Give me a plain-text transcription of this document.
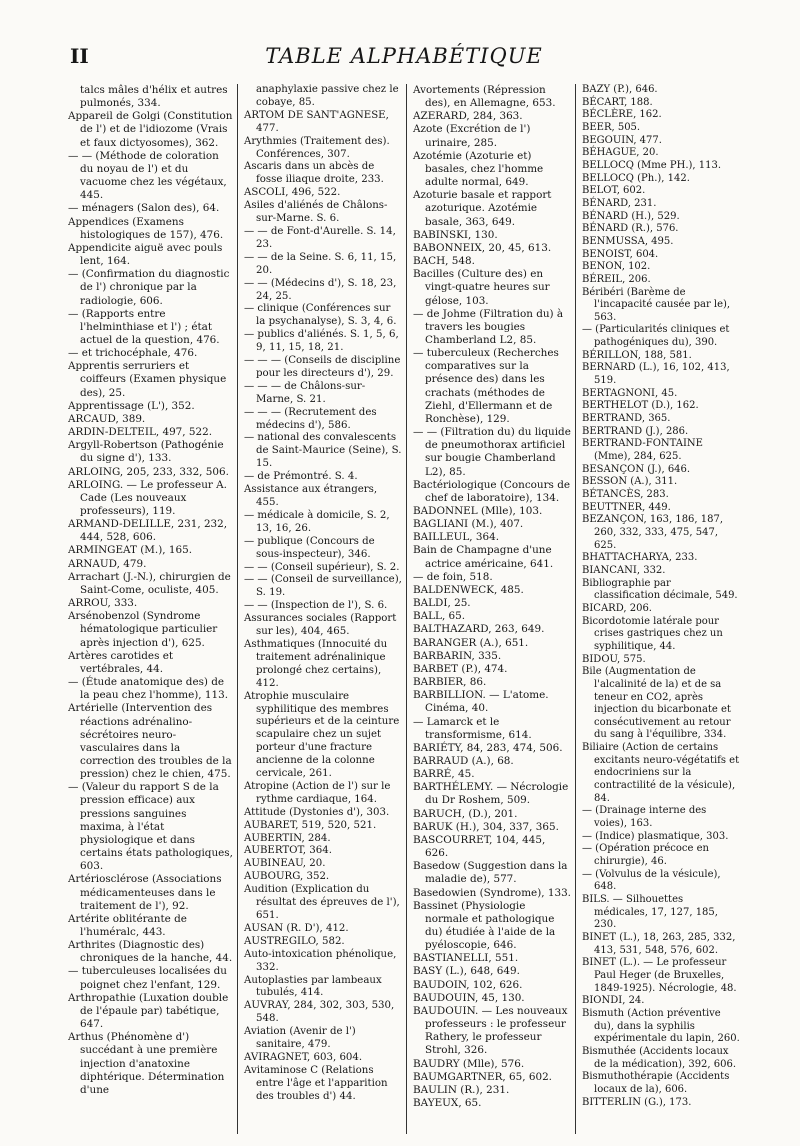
II	TABLE ALPHABÉTIQUE

talcs mâles d'hélix et autres pulmonés, 334.

Appareil de Golgi (Constitution de l') et de l'idiozome (Vrais et faux dictyosomes), 362.

— — (Méthode de coloration du noyau de l') et du vacuome chez les végétaux, 445.

— ménagers (Salon des), 64.

Appendices (Examens histologiques de 157), 476.

Appendicite aiguë avec pouls lent, 164.

— (Confirmation du diagnostic de l') chronique par la radiologie, 606.

— (Rapports entre l'helminthiase et l') ; état actuel de la question, 476.

— et trichocéphale, 476.

Apprentis serruriers et coiffeurs (Examen physique des), 25.

Apprentissage (L'), 352.

ARCAUD, 389.

ARDIN-DELTEIL, 497, 522.

Argyll-Robertson (Pathogénie du signe d'), 133.

ARLOING, 205, 233, 332, 506.

ARLOING. — Le professeur A. Cade (Les nouveaux professeurs), 119.

ARMAND-DELILLE, 231, 232, 444, 528, 606.

ARMINGEAT (M.), 165.

ARNAUD, 479.

Arrachart (J.-N.), chirurgien de Saint-Come, oculiste, 405.

ARROU, 333.

Arsénobenzol (Syndrome hématologique particulier après injection d'), 625.

Artères carotides et vertébrales, 44.

— (Étude anatomique des) de la peau chez l'homme), 113.

Artérielle (Intervention des réactions adrénalino-sécrétoires neuro-vasculaires dans la correction des troubles de la pression) chez le chien, 475.

— (Valeur du rapport S de la pression efficace) aux pressions sanguines maxima, à l'état physiologique et dans certains états pathologiques, 603.

Artériosclérose (Associations médicamenteuses dans le traitement de l'), 92.

Artérite oblitérante de l'huméralc, 443.

Arthrites (Diagnostic des) chroniques de la hanche, 44.

— tuberculeuses localisées du poignet chez l'enfant, 129.

Arthropathie (Luxation double de l'épaule par) tabétique, 647.

Arthus (Phénomène d') succédant à une première injection d'anatoxine diphtérique. Détermination d'une

anaphylaxie passive chez le cobaye, 85.

ARTOM DE SANT'AGNESE, 477.

Arythmies (Traitement des). Conférences, 307.

Ascaris dans un abcès de fosse iliaque droite, 233.

ASCOLI, 496, 522.

Asiles d'aliénés de Châlons-sur-Marne. S. 6.

— — de Font-d'Aurelle. S. 14, 23.

— — de la Seine. S. 6, 11, 15, 20.

— — (Médecins d'), S. 18, 23, 24, 25.

— clinique (Conférences sur la psychanalyse), S. 3, 4, 6.

— publics d'aliénés. S. 1, 5, 6, 9, 11, 15, 18, 21.

— — — (Conseils de discipline pour les directeurs d'), 29.

— — — de Châlons-sur-Marne, S. 21.

— — — (Recrutement des médecins d'), 586.

— national des convalescents de Saint-Maurice (Seine), S. 15.

— de Prémontré. S. 4.

Assistance aux étrangers, 455.

— médicale à domicile, S. 2, 13, 16, 26.

— publique (Concours de sous-inspecteur), 346.

— — (Conseil supérieur), S. 2.

— — (Conseil de surveillance), S. 19.

— — (Inspection de l'), S. 6.

Assurances sociales (Rapport sur les), 404, 465.

Asthmatiques (Innocuité du traitement adrénalinique prolongé chez certains), 412.

Atrophie musculaire syphilitique des membres supérieurs et de la ceinture scapulaire chez un sujet porteur d'une fracture ancienne de la colonne cervicale, 261.

Atropine (Action de l') sur le rythme cardiaque, 164.

Attitude (Dystonies d'), 303.

AUBARET, 519, 520, 521.

AUBERTIN, 284.

AUBERTOT, 364.

AUBINEAU, 20.

AUBOURG, 352.

Audition (Explication du résultat des épreuves de l'), 651.

AUSAN (R. D'), 412.

AUSTREGILO, 582.

Auto-intoxication phénolique, 332.

Autoplasties par lambeaux tubulés, 414.

AUVRAY, 284, 302, 303, 530, 548.

Aviation (Avenir de l') sanitaire, 479.

AVIRAGNET, 603, 604.

Avitaminose C (Relations entre l'âge et l'apparition des troubles d') 44.

Avortements (Répression des), en Allemagne, 653.

AZERARD, 284, 363.

Azote (Excrétion de l') urinaire, 285.

Azotémie (Azoturie et) basales, chez l'homme adulte normal, 649.

Azoturie basale et rapport azoturique. Azotémie basale, 363, 649.

BABINSKI, 130.

BABONNEIX, 20, 45, 613.

BACH, 548.

Bacilles (Culture des) en vingt-quatre heures sur gélose, 103.

— de Johme (Filtration du) à travers les bougies Chamberland L2, 85.

— tuberculeux (Recherches comparatives sur la présence des) dans les crachats (méthodes de Ziehl, d'Ellermann et de Ronchèse), 129.

— — (Filtration du) du liquide de pneumothorax artificiel sur bougie Chamberland L2), 85.

Bactériologique (Concours de chef de laboratoire), 134.

BADONNEL (Mlle), 103.

BAGLIANI (M.), 407.

BAILLEUL, 364.

Bain de Champagne d'une actrice américaine, 641.

— de foin, 518.

BALDENWECK, 485.

BALDI, 25.

BALL, 65.

BALTHAZARD, 263, 649.

BARANGER (A.), 651.

BARBARIN, 335.

BARBET (P.), 474.

BARBIER, 86.

BARBILLION. — L'atome. Cinéma, 40.

— Lamarck et le transformisme, 614.

BARIÉTY, 84, 283, 474, 506.

BARRAUD (A.), 68.

BARRÉ, 45.

BARTHÉLEMY. — Nécrologie du Dr Roshem, 509.

BARUCH, (D.), 201.

BARUK (H.), 304, 337, 365.

BASCOURRET, 104, 445, 626.

Basedow (Suggestion dans la maladie de), 577.

Basedowien (Syndrome), 133.

Bassinet (Physiologie normale et pathologique du) étudiée à l'aide de la pyéloscopie, 646.

BASTIANELLI, 551.

BASY (L.), 648, 649.

BAUDOIN, 102, 626.

BAUDOUIN, 45, 130.

BAUDOUIN. — Les nouveaux professeurs : le professeur Rathery, le professeur Strohl, 326.

BAUDRY (Mlle), 576.

BAUMGARTNER, 65, 602.

BAULIN (R.), 231.

BAYEUX, 65.

BAZY (P.), 646.

BÉCART, 188.

BÉCLÈRE, 162.

BEER, 505.

BEGOUIN, 477.

BÉHAGUE, 20.

BELLOCQ (Mme PH.), 113.

BELLOCQ (Ph.), 142.

BELOT, 602.

BÉNARD, 231.

BÉNARD (H.), 529.

BÉNARD (R.), 576.

BENMUSSA, 495.

BENOIST, 604.

BENON, 102.

BÉREIL, 206.

Béribéri (Barème de l'incapacité causée par le), 563.

— (Particularités cliniques et pathogéniques du), 390.

BÉRILLON, 188, 581.

BERNARD (L.), 16, 102, 413, 519.

BERTAGNONI, 45.

BERTHELOT (D.), 162.

BERTRAND, 365.

BERTRAND (J.), 286.

BERTRAND-FONTAINE (Mme), 284, 625.

BESANÇON (J.), 646.

BESSON (A.), 311.

BÉTANCÈS, 283.

BEUTTNER, 449.

BEZANÇON, 163, 186, 187, 260, 332, 333, 475, 547, 625.

BHATTACHARYA, 233.

BIANCANI, 332.

Bibliographie par classification décimale, 549.

BICARD, 206.

Bicordotomie latérale pour crises gastriques chez un syphilitique, 44.

BIDOU, 575.

Bile (Augmentation de l'alcalinité de la) et de sa teneur en CO2, après injection du bicarbonate et consécutivement au retour du sang à l'équilibre, 334.

Biliaire (Action de certains excitants neuro-végétatifs et endocriniens sur la contractilité de la vésicule), 84.

— (Drainage interne des voies), 163.

— (Indice) plasmatique, 303.

— (Opération précoce en chirurgie), 46.

— (Volvulus de la vésicule), 648.

BILS. — Silhouettes médicales, 17, 127, 185, 230.

BINET (L.), 18, 263, 285, 332, 413, 531, 548, 576, 602.

BINET (L.). — Le professeur Paul Heger (de Bruxelles, 1849-1925). Nécrologie, 48.

BIONDI, 24.

Bismuth (Action préventive du), dans la syphilis expérimentale du lapin, 260.

Bismuthée (Accidents locaux de la médication), 392, 606.

Bismuthothérapie (Accidents locaux de la), 606.

BITTERLIN (G.), 173.
